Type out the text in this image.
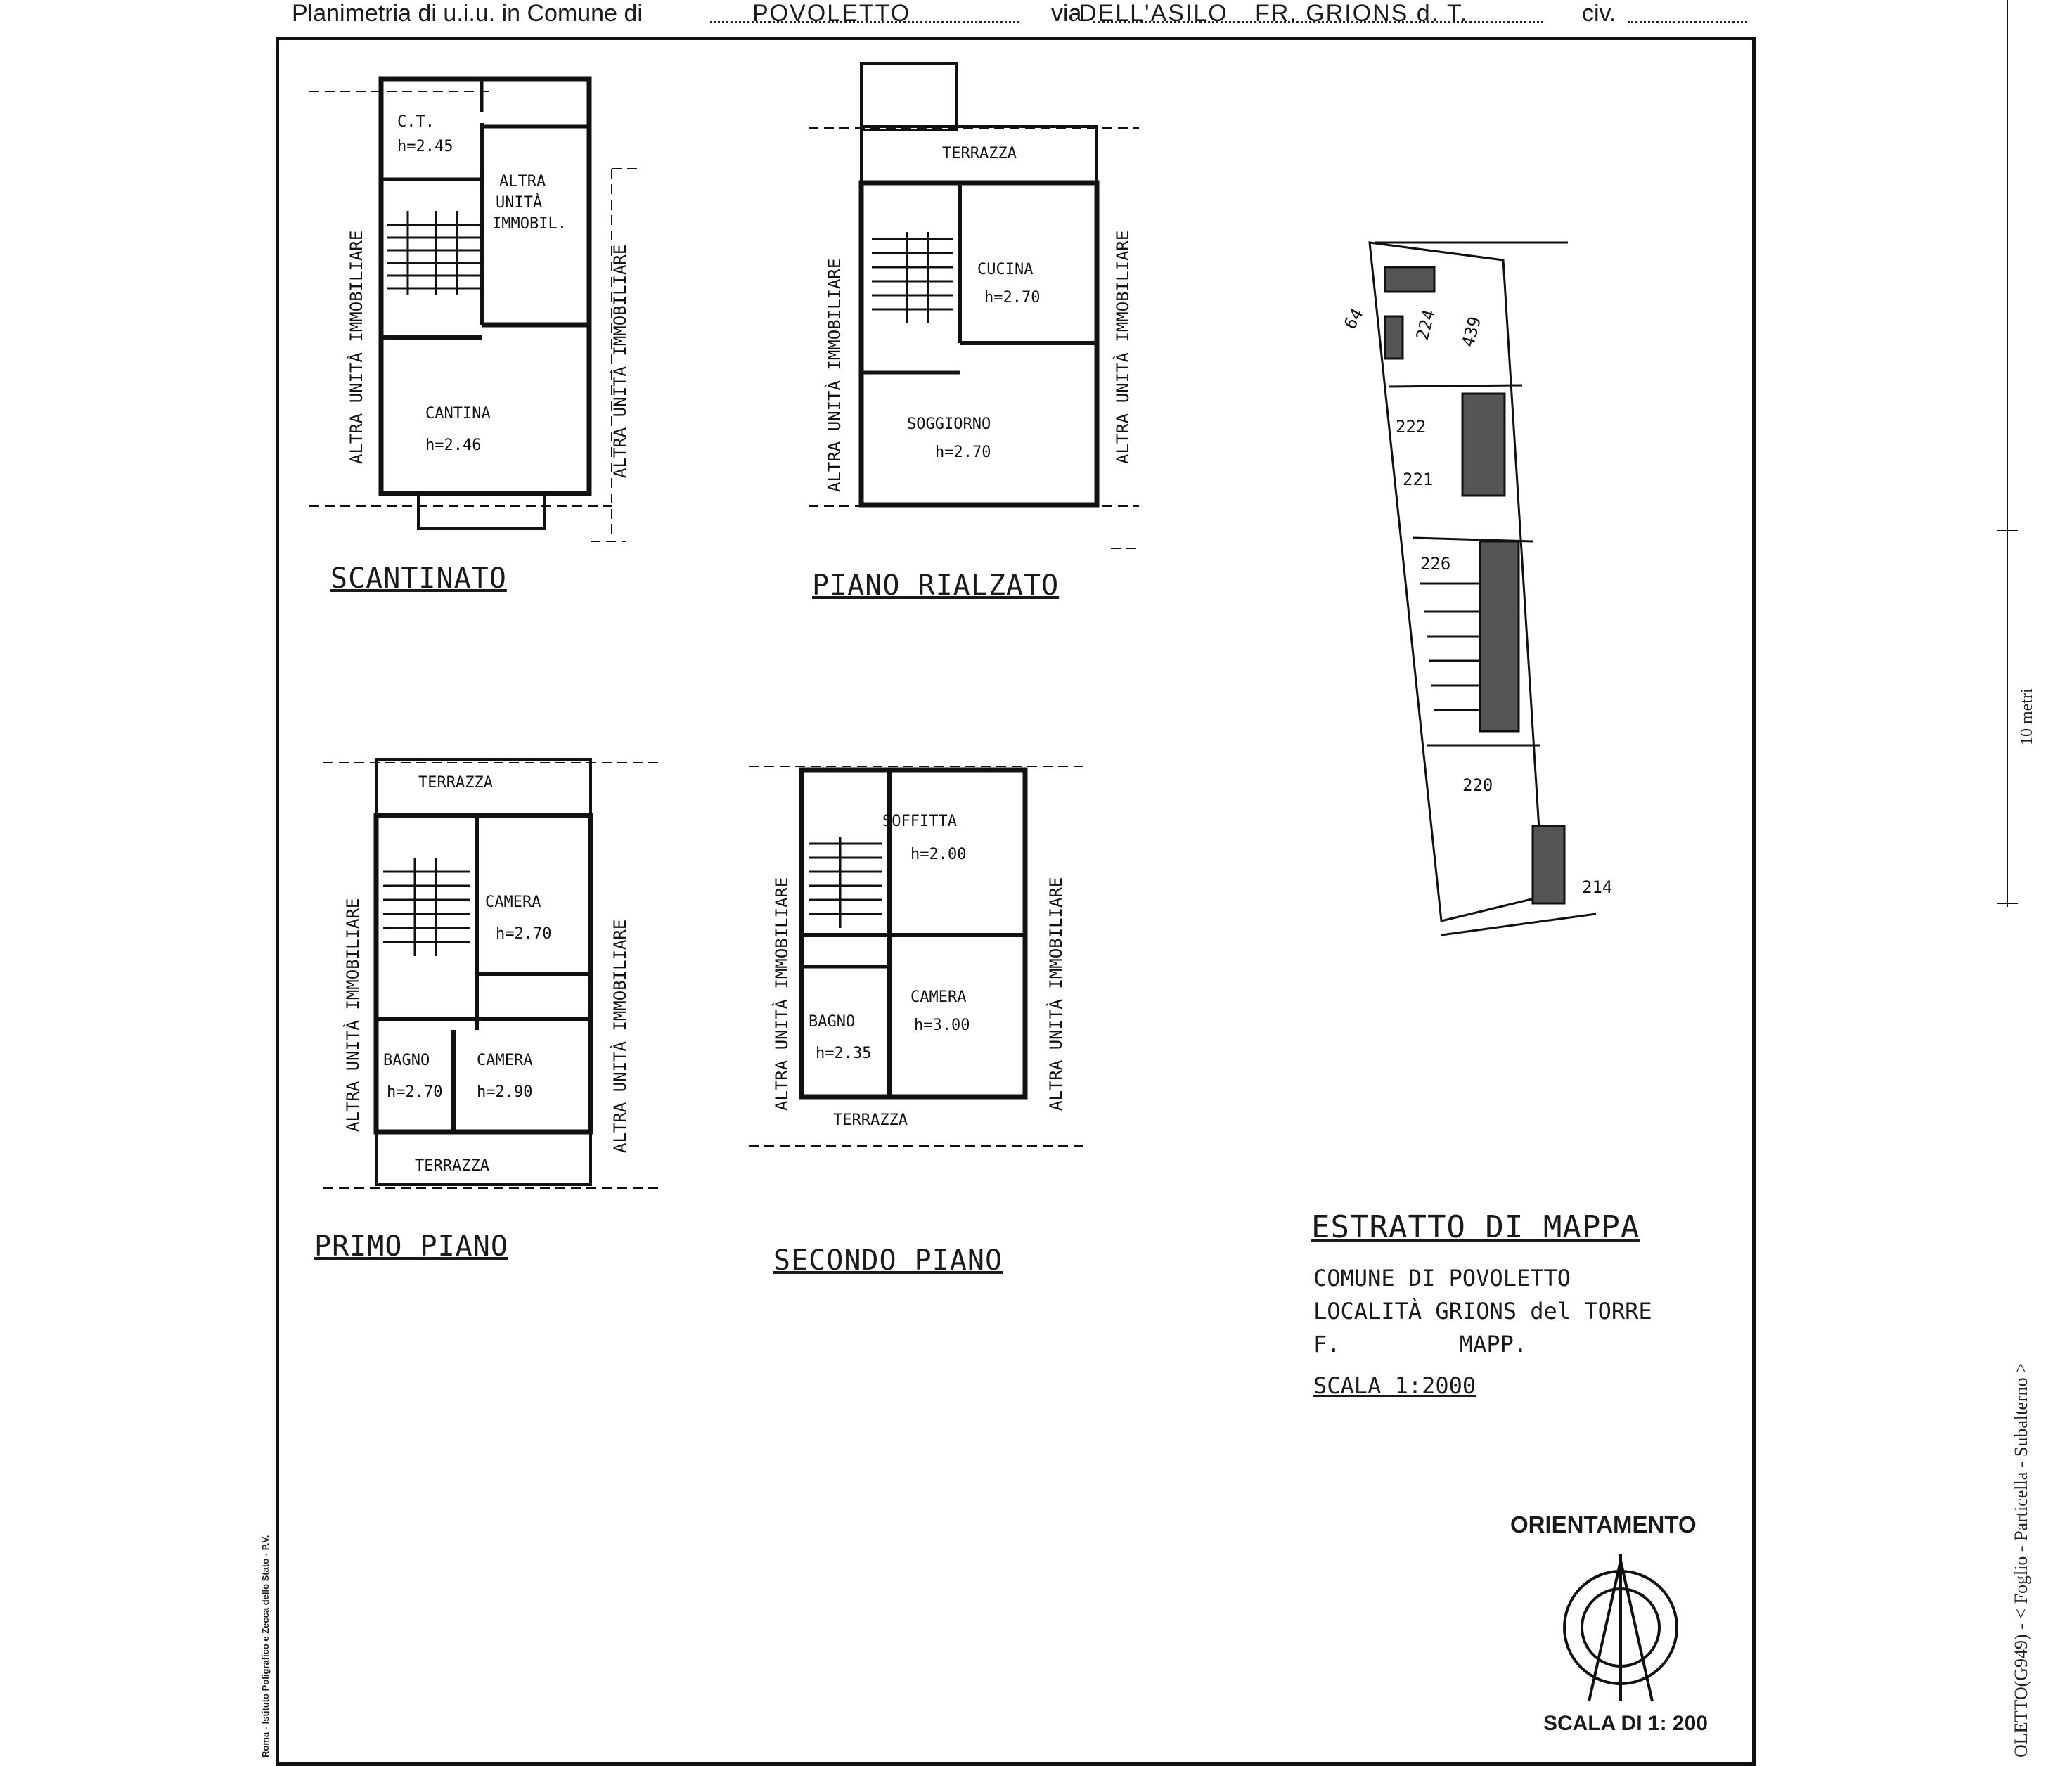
Planimetria di u.i.u. in Comune di	POVOLETTO	via
DELL'ASILO FR. GRIONS d. T.	civ.
C.T.
h=2.45
ALTRA
UNITÀ
IMMOBIL.
CANTINA
h=2.46
TERRAZZA
CUCINA
h=2.70
SOGGIORNO
h=2.70
TERRAZZA
CAMERA
h=2.70
BAGNO
h=2.70
CAMERA
h=2.90
TERRAZZA
SOFFITTA
h=2.00
BAGNO
h=2.35
CAMERA
h=3.00
TERRAZZA
ALTRA UNITÀ IMMOBILIARE	ALTRA UNITÀ IMMOBILIARE	ALTRA UNITÀ IMMOBILIARE	ALTRA UNITÀ IMMOBILIARE
ALTRA UNITÀ IMMOBILIARE	ALTRA UNITÀ IMMOBILIARE	ALTRA UNITÀ IMMOBILIARE	ALTRA UNITÀ IMMOBILIARE
64	224 439
222
221
226
220
214
SCANTINATO	PIANO RIALZATO
PRIMO PIANO	SECONDO PIANO
ESTRATTO DI MAPPA
COMUNE DI POVOLETTO
LOCALITÀ GRIONS del TORRE
F.	MAPP.
SCALA 1:2000
ORIENTAMENTO
SCALA DI 1: 200	OLETTO(G949) - < Foglio - Particella - Subalterno >
10 metri
Roma - Istituto Poligrafico e Zecca dello Stato - P.V.
